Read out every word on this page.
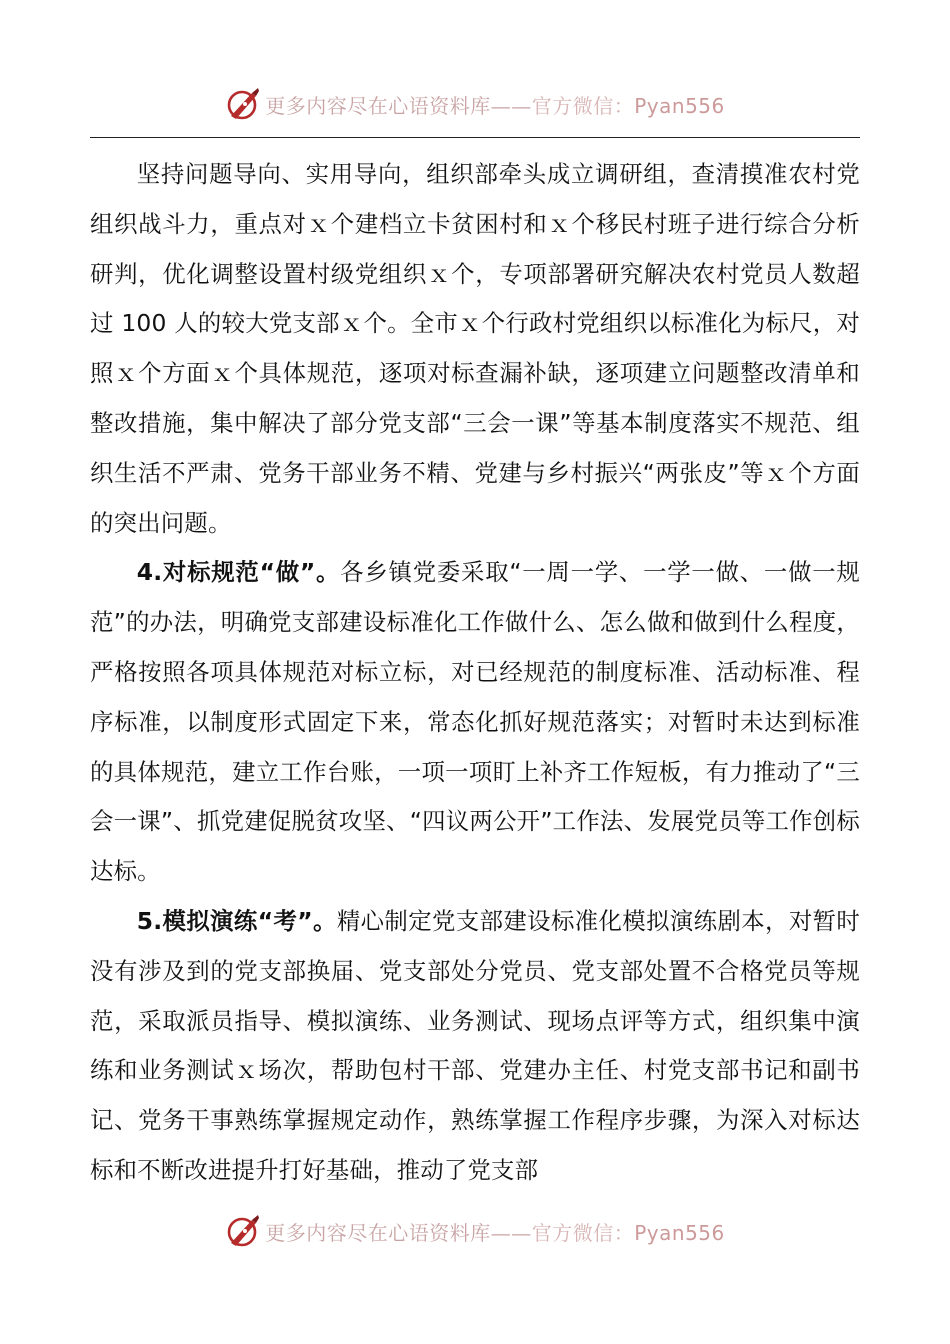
更多内容尽在心语资料库——官方微信：Pyan556

坚持问题导向、实用导向，组织部牵头成立调研组，查清摸准农村党组织战斗力，重点对ｘ个建档立卡贫困村和ｘ个移民村班子进行综合分析研判，优化调整设置村级党组织ｘ个，专项部署研究解决农村党员人数超过 100 人的较大党支部ｘ个。全市ｘ个行政村党组织以标准化为标尺，对照ｘ个方面ｘ个具体规范，逐项对标查漏补缺，逐项建立问题整改清单和整改措施，集中解决了部分党支部“三会一课”等基本制度落实不规范、组织生活不严肃、党务干部业务不精、党建与乡村振兴“两张皮”等ｘ个方面的突出问题。

4.对标规范“做”。各乡镇党委采取“一周一学、一学一做、一做一规范”的办法，明确党支部建设标准化工作做什么、怎么做和做到什么程度，严格按照各项具体规范对标立标，对已经规范的制度标准、活动标准、程序标准，以制度形式固定下来，常态化抓好规范落实；对暂时未达到标准的具体规范，建立工作台账，一项一项盯上补齐工作短板，有力推动了“三会一课”、抓党建促脱贫攻坚、“四议两公开”工作法、发展党员等工作创标达标。

5.模拟演练“考”。精心制定党支部建设标准化模拟演练剧本，对暂时没有涉及到的党支部换届、党支部处分党员、党支部处置不合格党员等规范，采取派员指导、模拟演练、业务测试、现场点评等方式，组织集中演练和业务测试ｘ场次，帮助包村干部、党建办主任、村党支部书记和副书记、党务干事熟练掌握规定动作，熟练掌握工作程序步骤，为深入对标达标和不断改进提升打好基础，推动了党支部

更多内容尽在心语资料库——官方微信：Pyan556
